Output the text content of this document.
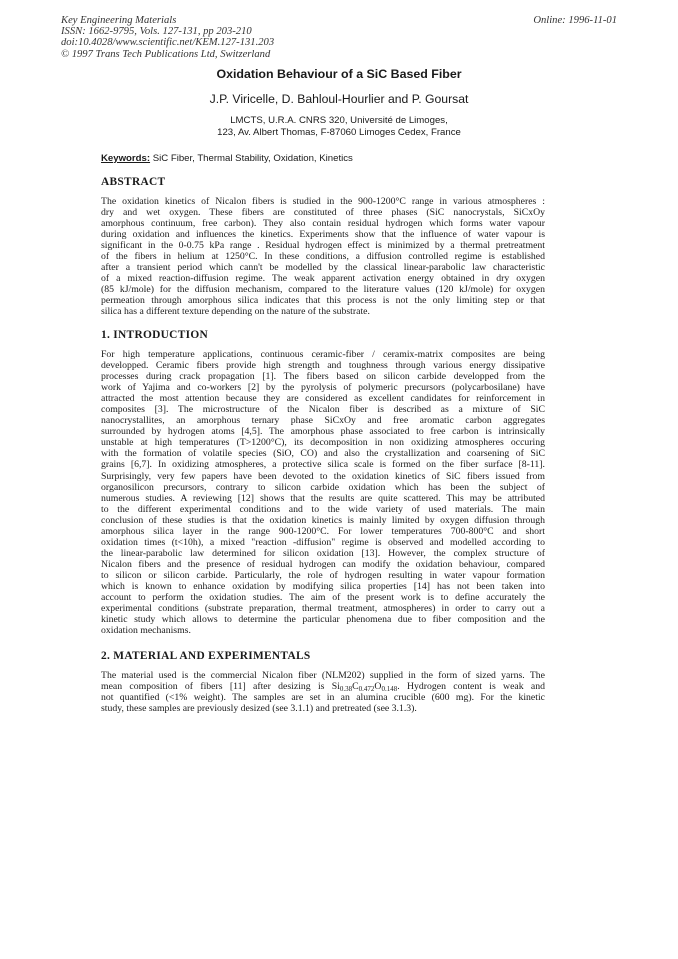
Key Engineering Materials
ISSN: 1662-9795, Vols. 127-131, pp 203-210
doi:10.4028/www.scientific.net/KEM.127-131.203
© 1997 Trans Tech Publications Ltd, Switzerland
Online: 1996-11-01
Oxidation Behaviour of a SiC Based Fiber
J.P. Viricelle, D. Bahloul-Hourlier and P. Goursat
LMCTS, U.R.A. CNRS 320, Université de Limoges,
123, Av. Albert Thomas, F-87060 Limoges Cedex, France
Keywords: SiC Fiber, Thermal Stability, Oxidation, Kinetics
ABSTRACT
The oxidation kinetics of Nicalon fibers is studied in the 900-1200°C range in various atmospheres :
dry and wet oxygen. These fibers are constituted of three phases (SiC nanocrystals, SiCxOy
amorphous continuum, free carbon). They also contain residual hydrogen which forms water vapour
during oxidation and influences the kinetics. Experiments show that the influence of water vapour is
significant in the 0-0.75 kPa range . Residual hydrogen effect is minimized by a thermal pretreatment
of the fibers in helium at 1250°C. In these conditions, a diffusion controlled regime is established
after a transient period which cann't be modelled by the classical linear-parabolic law characteristic
of a mixed reaction-diffusion regime. The weak apparent activation energy obtained in dry oxygen
(85 kJ/mole) for the diffusion mechanism, compared to the literature values (120 kJ/mole) for oxygen
permeation through amorphous silica indicates that this process is not the only limiting step or that
silica has a different texture depending on the nature of the substrate.
1. INTRODUCTION
For high temperature applications, continuous ceramic-fiber / ceramix-matrix composites are being
developped. Ceramic fibers provide high strength and toughness through various energy dissipative
processes during crack propagation [1]. The fibers based on silicon carbide developped from the
work of Yajima and co-workers [2] by the pyrolysis of polymeric precursors (polycarbosilane) have
attracted the most attention because they are considered as excellent candidates for reinforcement in
composites [3]. The microstructure of the Nicalon fiber is described as a mixture of SiC
nanocrystallites, an amorphous ternary phase SiCxOy and free aromatic carbon aggregates
surrounded by hydrogen atoms [4,5]. The amorphous phase associated to free carbon is intrinsically
unstable at high temperatures (T>1200°C), its decomposition in non oxidizing atmospheres occuring
with the formation of volatile species (SiO, CO) and also the crystallization and coarsening of SiC
grains [6,7]. In oxidizing atmospheres, a protective silica scale is formed on the fiber surface [8-11].
Surprisingly, very few papers have been devoted to the oxidation kinetics of SiC fibers issued from
organosilicon precursors, contrary to silicon carbide oxidation which has been the subject of
numerous studies. A reviewing [12] shows that the results are quite scattered. This may be attributed
to the different experimental conditions and to the wide variety of used materials. The main
conclusion of these studies is that the oxidation kinetics is mainly limited by oxygen diffusion through
amorphous silica layer in the range 900-1200°C. For lower temperatures 700-800°C and short
oxidation times (t<10h), a mixed "reaction -diffusion" regime is observed and modelled according to
the linear-parabolic law determined for silicon oxidation [13]. However, the complex structure of
Nicalon fibers and the presence of residual hydrogen can modify the oxidation behaviour, compared
to silicon or silicon carbide. Particularly, the role of hydrogen resulting in water vapour formation
which is known to enhance oxidation by modifying silica properties [14] has not been taken into
account to perform the oxidation studies. The aim of the present work is to define accurately the
experimental conditions (substrate preparation, thermal treatment, atmospheres) in order to carry out a
kinetic study which allows to determine the particular phenomena due to fiber composition and the
oxidation mechanisms.
2. MATERIAL AND EXPERIMENTALS
The material used is the commercial Nicalon fiber (NLM202) supplied in the form of sized yarns. The
mean composition of fibers [11] after desizing is $Si_{0.38}C_{0.472}O_{0.148}$. Hydrogen content is weak and
not quantified (<1% weight). The samples are set in an alumina crucible (600 mg). For the kinetic
study, these samples are previously desized (see 3.1.1) and pretreated (see 3.1.3).
